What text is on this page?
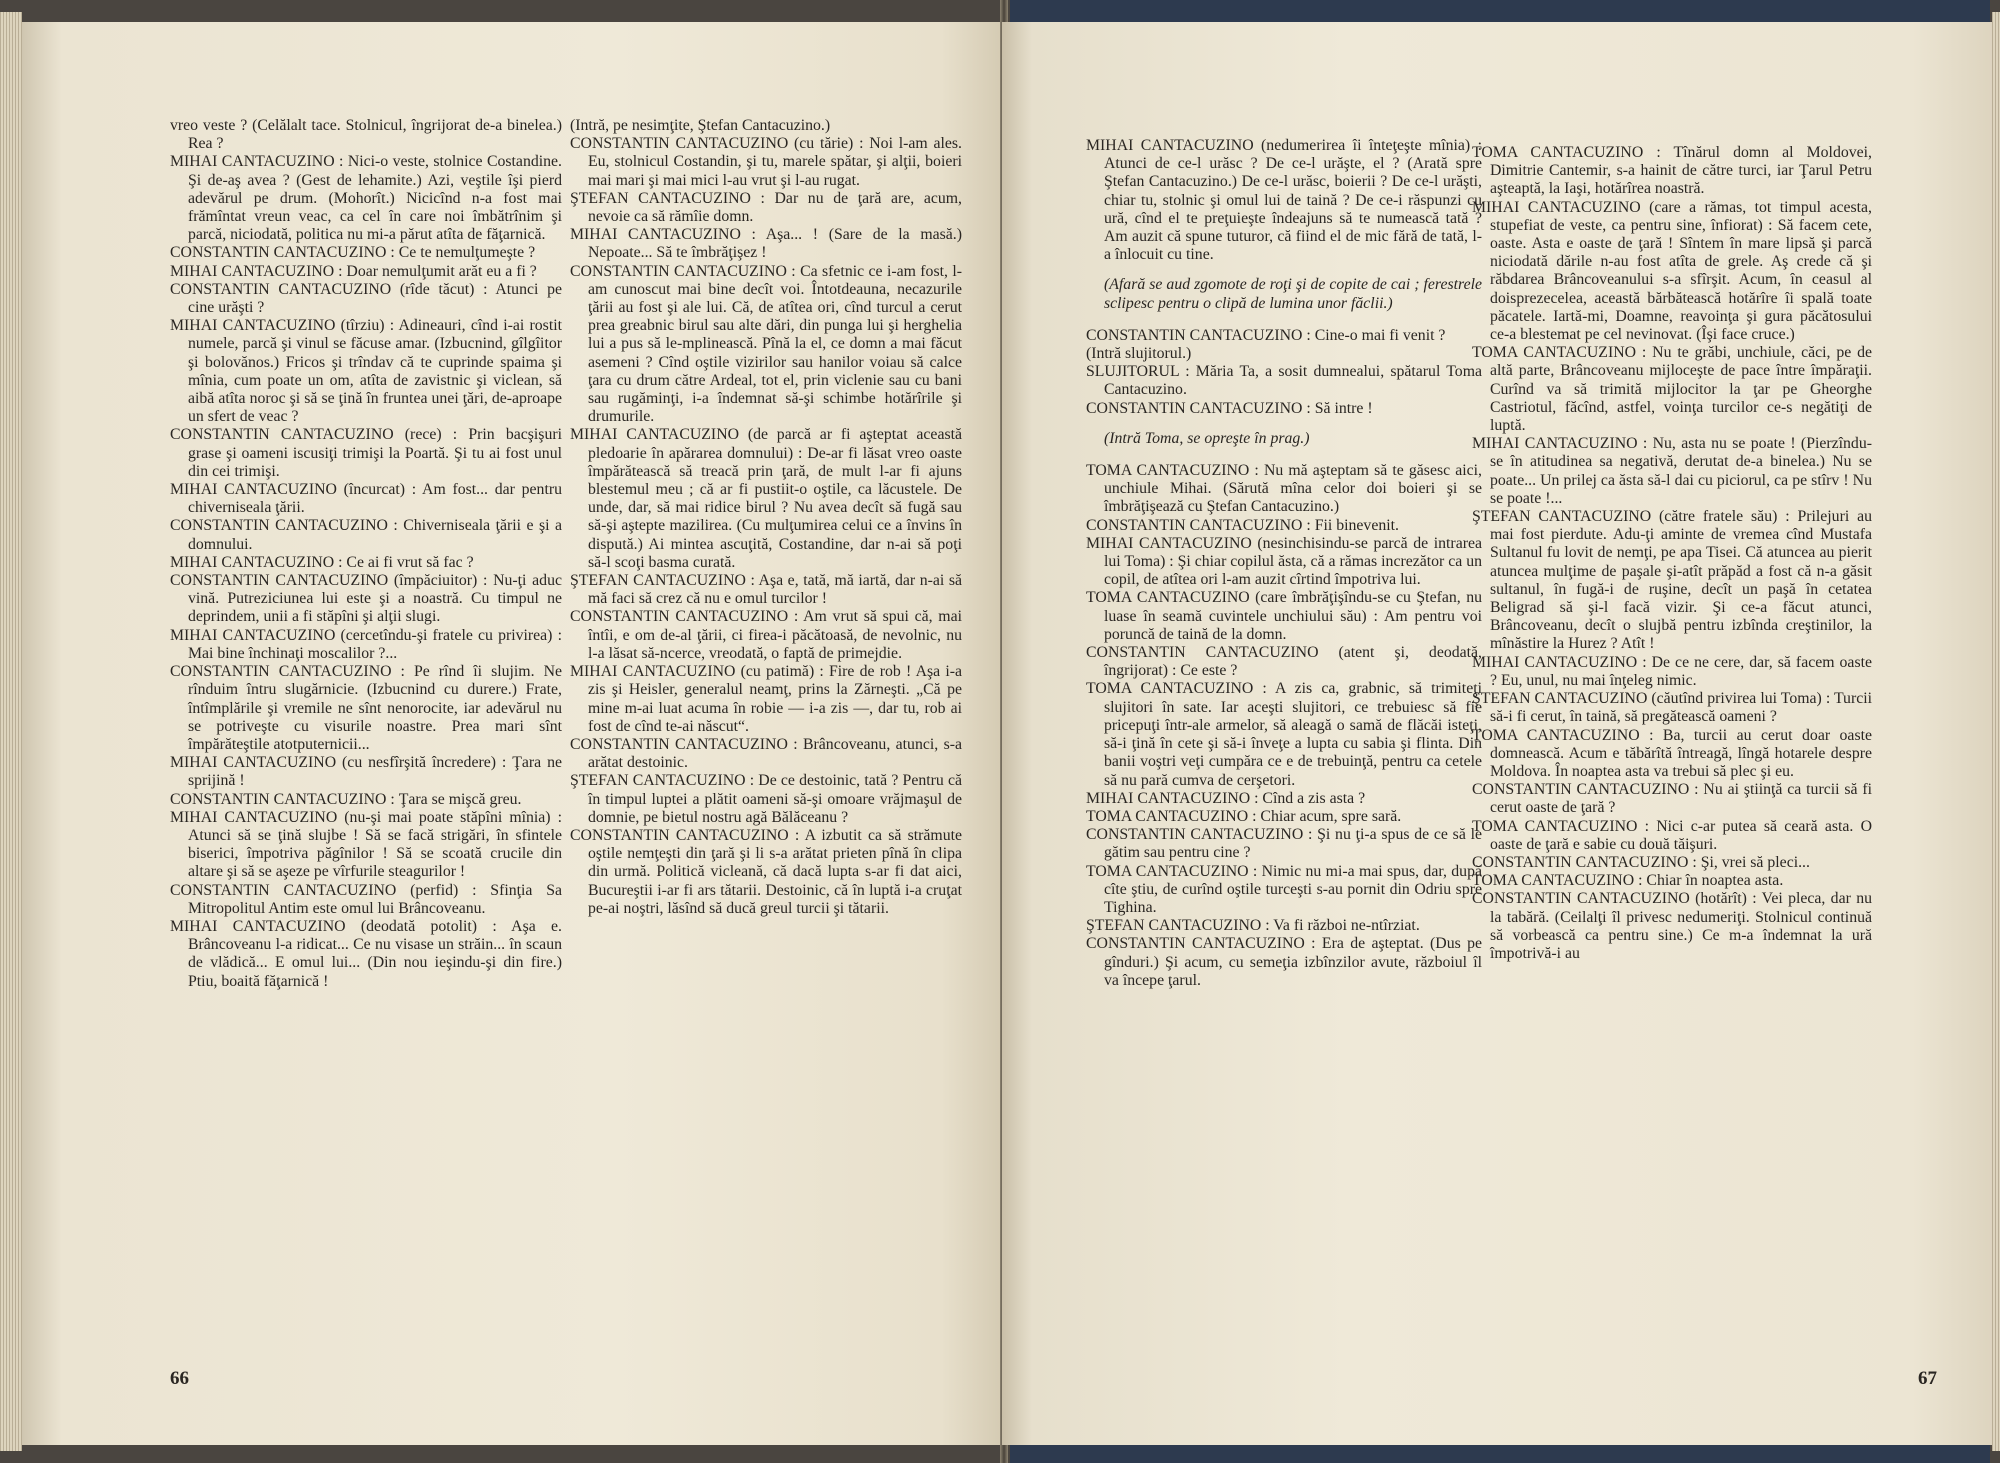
vreo veste ? (Celălalt tace. Stolnicul, îngrijorat de-a binelea.) Rea ?

MIHAI CANTACUZINO : Nici-o veste, stolnice Costandine. Şi de-aş avea ? (Gest de lehamite.) Azi, veştile îşi pierd adevărul pe drum. (Mohorît.) Nicicînd n-a fost mai frămîntat vreun veac, ca cel în care noi îmbătrînim şi parcă, niciodată, politica nu mi-a părut atîta de făţarnică.

CONSTANTIN CANTACUZINO : Ce te nemulţumeşte ?

MIHAI CANTACUZINO : Doar nemulţumit arăt eu a fi ?

CONSTANTIN CANTACUZINO (rîde tăcut) : Atunci pe cine urăşti ?

MIHAI CANTACUZINO (tîrziu) : Adineauri, cînd i-ai rostit numele, parcă şi vinul se făcuse amar. (Izbucnind, gîlgîitor şi bolovănos.) Fricos şi trîndav că te cuprinde spaima şi mînia, cum poate un om, atîta de zavistnic şi viclean, să aibă atîta noroc şi să se ţină în fruntea unei ţări, de-aproape un sfert de veac ?

CONSTANTIN CANTACUZINO (rece) : Prin bacşişuri grase şi oameni iscusiţi trimişi la Poartă. Şi tu ai fost unul din cei trimişi.

MIHAI CANTACUZINO (încurcat) : Am fost... dar pentru chiverniseala ţării.

CONSTANTIN CANTACUZINO : Chiverniseala ţării e şi a domnului.

MIHAI CANTACUZINO : Ce ai fi vrut să fac ?

CONSTANTIN CANTACUZINO (împăciuitor) : Nu-ţi aduc vină. Putreziciunea lui este şi a noastră. Cu timpul ne deprindem, unii a fi stăpîni şi alţii slugi.

MIHAI CANTACUZINO (cercetîndu-şi fratele cu privirea) : Mai bine închinaţi moscalilor ?...

CONSTANTIN CANTACUZINO : Pe rînd îi slujim. Ne rînduim întru slugărnicie. (Izbucnind cu durere.) Frate, întîmplările şi vremile ne sînt nenorocite, iar adevărul nu se potriveşte cu visurile noastre. Prea mari sînt împărăteştile atotputernicii...

MIHAI CANTACUZINO (cu nesfîrşită încredere) : Ţara ne sprijină !

CONSTANTIN CANTACUZINO : Ţara se mişcă greu.

MIHAI CANTACUZINO (nu-şi mai poate stăpîni mînia) : Atunci să se ţină slujbe ! Să se facă strigări, în sfintele biserici, împotriva păgînilor ! Să se scoată crucile din altare şi să se aşeze pe vîrfurile steagurilor !

CONSTANTIN CANTACUZINO (perfid) : Sfinţia Sa Mitropolitul Antim este omul lui Brâncoveanu.

MIHAI CANTACUZINO (deodată potolit) : Aşa e. Brâncoveanu l-a ridicat... Ce nu visase un străin... în scaun de vlădică... E omul lui... (Din nou ieşindu-şi din fire.) Ptiu, boaită făţarnică !

(Intră, pe nesimţite, Ştefan Cantacuzino.)

CONSTANTIN CANTACUZINO (cu tărie) : Noi l-am ales. Eu, stolnicul Costandin, şi tu, marele spătar, şi alţii, boieri mai mari şi mai mici l-au vrut şi l-au rugat.

ŞTEFAN CANTACUZINO : Dar nu de ţară are, acum, nevoie ca să rămîie domn.

MIHAI CANTACUZINO : Aşa... ! (Sare de la masă.) Nepoate... Să te îmbrăţişez !

CONSTANTIN CANTACUZINO : Ca sfetnic ce i-am fost, l-am cunoscut mai bine decît voi. Întotdeauna, necazurile ţării au fost şi ale lui. Că, de atîtea ori, cînd turcul a cerut prea greabnic birul sau alte dări, din punga lui şi herghelia lui a pus să le-mplinească. Pînă la el, ce domn a mai făcut asemeni ? Cînd oştile vizirilor sau hanilor voiau să calce ţara cu drum către Ardeal, tot el, prin viclenie sau cu bani sau rugăminţi, i-a îndemnat să-şi schimbe hotărîrile şi drumurile.

MIHAI CANTACUZINO (de parcă ar fi aşteptat această pledoarie în apărarea domnului) : De-ar fi lăsat vreo oaste împărătească să treacă prin ţară, de mult l-ar fi ajuns blestemul meu ; că ar fi pustiit-o oştile, ca lăcustele. De unde, dar, să mai ridice birul ? Nu avea decît să fugă sau să-şi aştepte mazilirea. (Cu mulţumirea celui ce a învins în dispută.) Ai mintea ascuţită, Costandine, dar n-ai să poţi să-l scoţi basma curată.

ŞTEFAN CANTACUZINO : Aşa e, tată, mă iartă, dar n-ai să mă faci să crez că nu e omul turcilor !

CONSTANTIN CANTACUZINO : Am vrut să spui că, mai întîi, e om de-al ţării, ci firea-i păcătoasă, de nevolnic, nu l-a lăsat să-ncerce, vreodată, o faptă de primejdie.

MIHAI CANTACUZINO (cu patimă) : Fire de rob ! Aşa i-a zis şi Heisler, generalul neamţ, prins la Zărneşti. „Că pe mine m-ai luat acuma în robie — i-a zis —, dar tu, rob ai fost de cînd te-ai născut“.

CONSTANTIN CANTACUZINO : Brâncoveanu, atunci, s-a arătat destoinic.

ŞTEFAN CANTACUZINO : De ce destoinic, tată ? Pentru că în timpul luptei a plătit oameni să-şi omoare vrăjmaşul de domnie, pe bietul nostru agă Bălăceanu ?

CONSTANTIN CANTACUZINO : A izbutit ca să strămute oştile nemţeşti din ţară şi li s-a arătat prieten pînă în clipa din urmă. Politică vicleană, că dacă lupta s-ar fi dat aici, Bucureştii i-ar fi ars tătarii. Destoinic, că în luptă i-a cruţat pe-ai noştri, lăsînd să ducă greul turcii şi tătarii.

66

MIHAI CANTACUZINO (nedumerirea îi înteţeşte mînia) : Atunci de ce-l urăsc ? De ce-l urăşte, el ? (Arată spre Ştefan Cantacuzino.) De ce-l urăsc, boierii ? De ce-l urăşti, chiar tu, stolnic şi omul lui de taină ? De ce-i răspunzi cu ură, cînd el te preţuieşte îndeajuns să te numească tată ? Am auzit că spune tuturor, că fiind el de mic fără de tată, l-a înlocuit cu tine.

(Afară se aud zgomote de roţi şi de copite de cai ; ferestrele sclipesc pentru o clipă de lumina unor făclii.)

CONSTANTIN CANTACUZINO : Cine-o mai fi venit ?

(Intră slujitorul.)

SLUJITORUL : Măria Ta, a sosit dumnealui, spătarul Toma Cantacuzino.

CONSTANTIN CANTACUZINO : Să intre !

(Intră Toma, se opreşte în prag.)

TOMA CANTACUZINO : Nu mă aşteptam să te găsesc aici, unchiule Mihai. (Sărută mîna celor doi boieri şi se îmbrăţişează cu Ştefan Cantacuzino.)

CONSTANTIN CANTACUZINO : Fii binevenit.

MIHAI CANTACUZINO (nesinchisindu-se parcă de intrarea lui Toma) : Şi chiar copilul ăsta, că a rămas increzător ca un copil, de atîtea ori l-am auzit cîrtind împotriva lui.

TOMA CANTACUZINO (care îmbrăţişîndu-se cu Ştefan, nu luase în seamă cuvintele unchiului său) : Am pentru voi poruncă de taină de la domn.

CONSTANTIN CANTACUZINO (atent şi, deodată, îngrijorat) : Ce este ?

TOMA CANTACUZINO : A zis ca, grabnic, să trimiteţi slujitori în sate. Iar aceşti slujitori, ce trebuiesc să fie pricepuţi într-ale armelor, să aleagă o samă de flăcăi isteţi, să-i ţină în cete şi să-i înveţe a lupta cu sabia şi flinta. Din banii voştri veţi cumpăra ce e de trebuinţă, pentru ca cetele să nu pară cumva de cerşetori.

MIHAI CANTACUZINO : Cînd a zis asta ?

TOMA CANTACUZINO : Chiar acum, spre sară.

CONSTANTIN CANTACUZINO : Şi nu ţi-a spus de ce să le gătim sau pentru cine ?

TOMA CANTACUZINO : Nimic nu mi-a mai spus, dar, după cîte ştiu, de curînd oştile turceşti s-au pornit din Odriu spre Tighina.

ŞTEFAN CANTACUZINO : Va fi război ne-ntîrziat.

CONSTANTIN CANTACUZINO : Era de aşteptat. (Dus pe gînduri.) Şi acum, cu semeţia izbînzilor avute, războiul îl va începe ţarul.

TOMA CANTACUZINO : Tînărul domn al Moldovei, Dimitrie Cantemir, s-a hainit de către turci, iar Ţarul Petru aşteaptă, la Iaşi, hotărîrea noastră.

MIHAI CANTACUZINO (care a rămas, tot timpul acesta, stupefiat de veste, ca pentru sine, înfiorat) : Să facem cete, oaste. Asta e oaste de ţară ! Sîntem în mare lipsă şi parcă niciodată dările n-au fost atîta de grele. Aş crede că şi răbdarea Brâncoveanului s-a sfîrşit. Acum, în ceasul al doisprezecelea, această bărbătească hotărîre îi spală toate păcatele. Iartă-mi, Doamne, reavoinţa şi gura păcătosului ce-a blestemat pe cel nevinovat. (Îşi face cruce.)

TOMA CANTACUZINO : Nu te grăbi, unchiule, căci, pe de altă parte, Brâncoveanu mijloceşte de pace între împăraţii. Curînd va să trimită mijlocitor la ţar pe Gheorghe Castriotul, făcînd, astfel, voinţa turcilor ce-s negătiţi de luptă.

MIHAI CANTACUZINO : Nu, asta nu se poate ! (Pierzîndu-se în atitudinea sa negativă, derutat de-a binelea.) Nu se poate... Un prilej ca ăsta să-l dai cu piciorul, ca pe stîrv ! Nu se poate !...

ŞTEFAN CANTACUZINO (către fratele său) : Prilejuri au mai fost pierdute. Adu-ţi aminte de vremea cînd Mustafa Sultanul fu lovit de nemţi, pe apa Tisei. Că atuncea au pierit atuncea mulţime de paşale şi-atît prăpăd a fost că n-a găsit sultanul, în fugă-i de ruşine, decît un paşă în cetatea Beligrad să şi-l facă vizir. Şi ce-a făcut atunci, Brâncoveanu, decît o slujbă pentru izbînda creştinilor, la mînăstire la Hurez ? Atît !

MIHAI CANTACUZINO : De ce ne cere, dar, să facem oaste ? Eu, unul, nu mai înţeleg nimic.

ŞTEFAN CANTACUZINO (căutînd privirea lui Toma) : Turcii să-i fi cerut, în taină, să pregătească oameni ?

TOMA CANTACUZINO : Ba, turcii au cerut doar oaste domnească. Acum e tăbărîtă întreagă, lîngă hotarele despre Moldova. În noaptea asta va trebui să plec şi eu.

CONSTANTIN CANTACUZINO : Nu ai ştiinţă ca turcii să fi cerut oaste de ţară ?

TOMA CANTACUZINO : Nici c-ar putea să ceară asta. O oaste de ţară e sabie cu două tăişuri.

CONSTANTIN CANTACUZINO : Şi, vrei să pleci...

TOMA CANTACUZINO : Chiar în noaptea asta.

CONSTANTIN CANTACUZINO (hotărît) : Vei pleca, dar nu la tabără. (Ceilalţi îl privesc nedumeriţi. Stolnicul continuă să vorbească ca pentru sine.) Ce m-a îndemnat la ură împotrivă-i au

67
